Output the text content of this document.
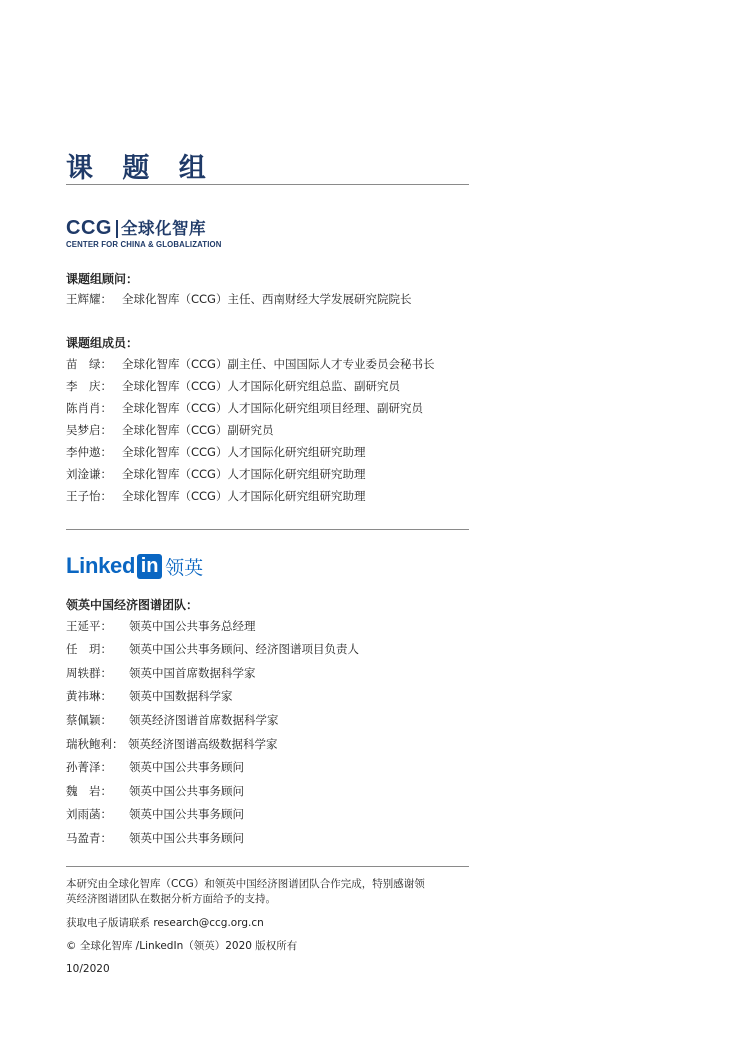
课 题 组
CCG 全球化智库
CENTER FOR CHINA & GLOBALIZATION
课题组顾问：
王辉耀： 全球化智库（CCG）主任、西南财经大学发展研究院院长
课题组成员：
苗　绿： 全球化智库（CCG）副主任、中国国际人才专业委员会秘书长
李　庆： 全球化智库（CCG）人才国际化研究组总监、副研究员
陈肖肖： 全球化智库（CCG）人才国际化研究组项目经理、副研究员
吴梦启： 全球化智库（CCG）副研究员
李仲遨： 全球化智库（CCG）人才国际化研究组研究助理
刘淦谦： 全球化智库（CCG）人才国际化研究组研究助理
王子怡： 全球化智库（CCG）人才国际化研究组研究助理
Linked in 领英
领英中国经济图谱团队：
王延平： 领英中国公共事务总经理
任　玥： 领英中国公共事务顾问、经济图谱项目负责人
周轶群： 领英中国首席数据科学家
黄祎琳： 领英中国数据科学家
蔡佩颖： 领英经济图谱首席数据科学家
瑞秋鲍利： 领英经济图谱高级数据科学家
孙菁泽： 领英中国公共事务顾问
魏　岩： 领英中国公共事务顾问
刘雨菡： 领英中国公共事务顾问
马盈青： 领英中国公共事务顾问
本研究由全球化智库（CCG）和领英中国经济图谱团队合作完成，特别感谢领
英经济图谱团队在数据分析方面给予的支持。
获取电子版请联系 research@ccg.org.cn
© 全球化智库 /LinkedIn（领英）2020 版权所有
10/2020
